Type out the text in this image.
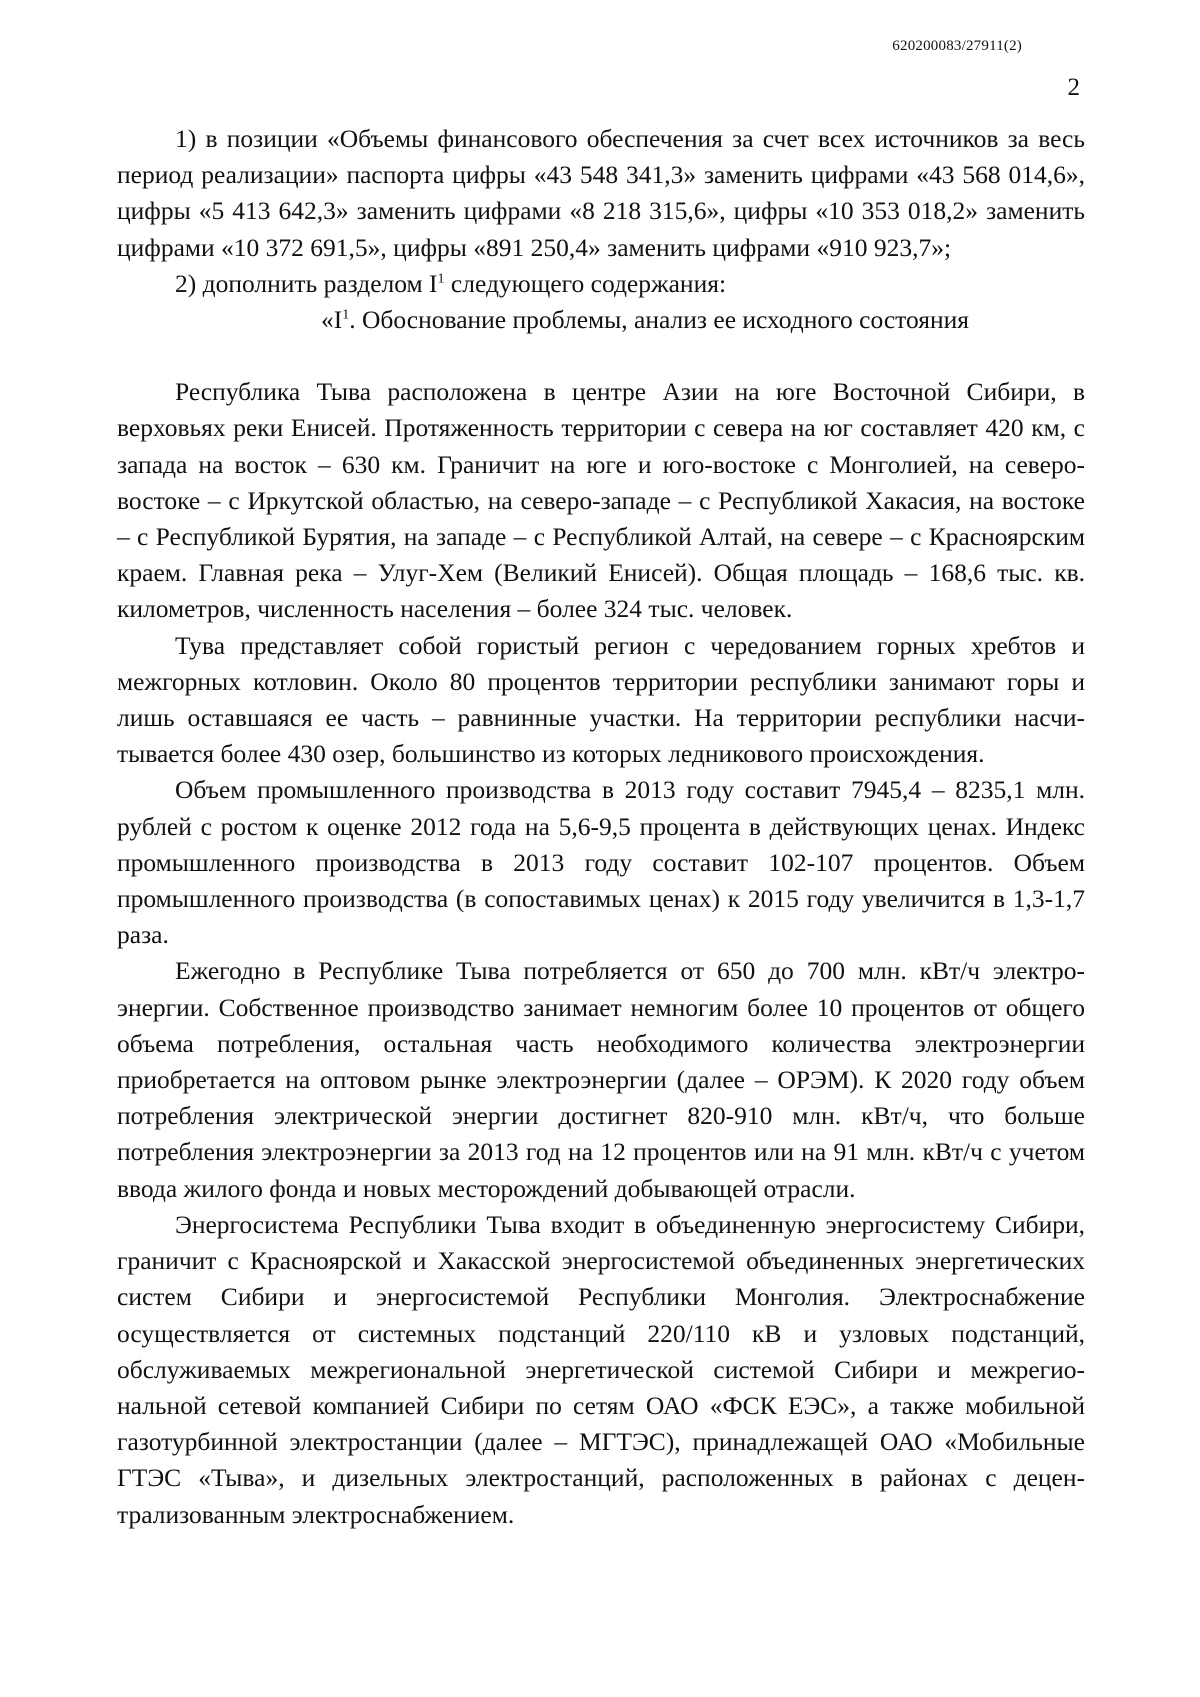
620200083/27911(2)
2

1) в позиции «Объемы финансового обеспечения за счет всех источников за весь период реализации» паспорта цифры «43 548 341,3» заменить цифрами «43 568 014,6», цифры «5 413 642,3» заменить цифрами «8 218 315,6», цифры «10 353 018,2» заменить цифрами «10 372 691,5», цифры «891 250,4» заменить цифрами «910 923,7»;

2) дополнить разделом $I^1$ следующего содержания:

«$I^1$. Обоснование проблемы, анализ ее исходного состояния

Республика Тыва расположена в центре Азии на юге Восточной Сибири, в верховьях реки Енисей. Протяженность территории с севера на юг составляет 420 км, с запада на восток – 630 км. Граничит на юге и юго-востоке с Монголией, на северо-востоке – с Иркутской областью, на северо-западе – с Республикой Хакасия, на востоке – с Республикой Бурятия, на западе – с Республикой Алтай, на севере – с Красноярским краем. Главная река – Улуг-Хем (Великий Енисей). Общая площадь – 168,6 тыс. кв. километров, численность населения – более 324 тыс. человек.

Тува представляет собой гористый регион с чередованием горных хребтов и межгорных котловин. Около 80 процентов территории республики занимают горы и лишь оставшаяся ее часть – равнинные участки. На территории республики насчитывается более 430 озер, большинство из которых ледникового происхождения.

Объем промышленного производства в 2013 году составит 7945,4 – 8235,1 млн. рублей с ростом к оценке 2012 года на 5,6-9,5 процента в действующих ценах. Индекс промышленного производства в 2013 году составит 102-107 процентов. Объем промышленного производства (в сопоставимых ценах) к 2015 году увеличится в 1,3-1,7 раза.

Ежегодно в Республике Тыва потребляется от 650 до 700 млн. кВт/ч электроэнергии. Собственное производство занимает немногим более 10 процентов от общего объема потребления, остальная часть необходимого количества электроэнергии приобретается на оптовом рынке электроэнергии (далее – ОРЭМ). К 2020 году объем потребления электрической энергии достигнет 820-910 млн. кВт/ч, что больше потребления электроэнергии за 2013 год на 12 процентов или на 91 млн. кВт/ч с учетом ввода жилого фонда и новых месторождений добывающей отрасли.

Энергосистема Республики Тыва входит в объединенную энергосистему Сибири, граничит с Красноярской и Хакасской энергосистемой объединенных энергетических систем Сибири и энергосистемой Республики Монголия. Электроснабжение осуществляется от системных подстанций 220/110 кВ и узловых подстанций, обслуживаемых межрегиональной энергетической системой Сибири и межрегиональной сетевой компанией Сибири по сетям ОАО «ФСК ЕЭС», а также мобильной газотурбинной электростанции (далее – МГТЭС), принадлежащей ОАО «Мобильные ГТЭС «Тыва», и дизельных электростанций, расположенных в районах с децентрализованным электроснабжением.
